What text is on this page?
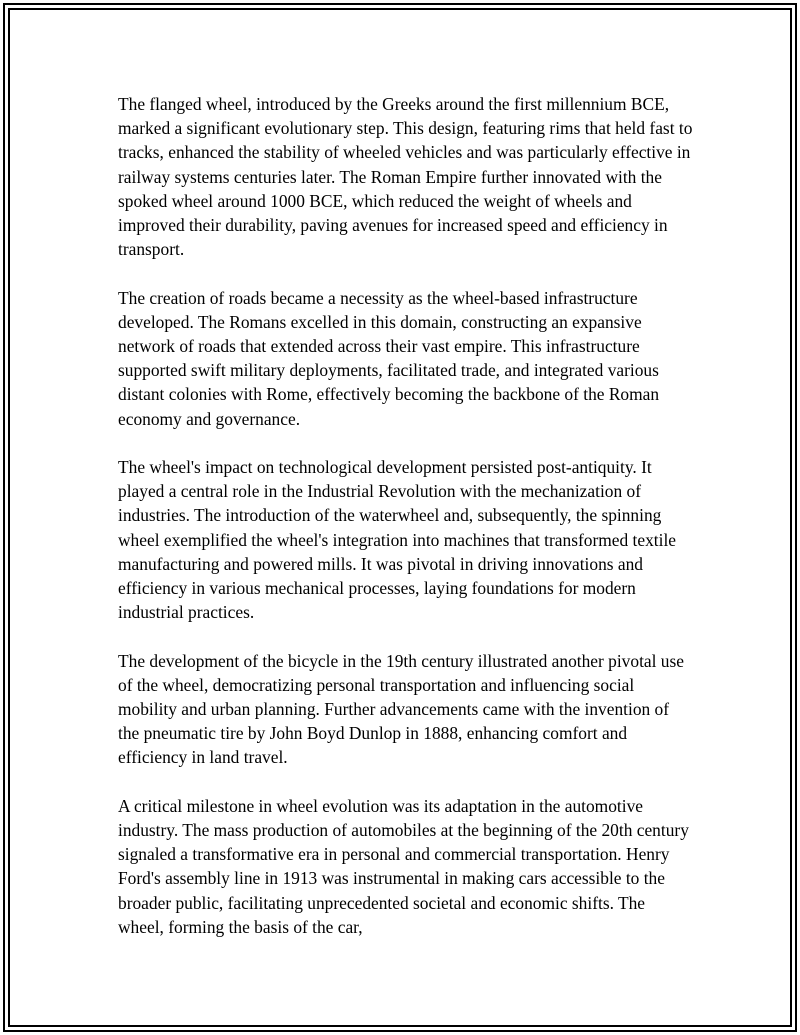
The flanged wheel, introduced by the Greeks around the first millennium BCE, marked a significant evolutionary step. This design, featuring rims that held fast to tracks, enhanced the stability of wheeled vehicles and was particularly effective in railway systems centuries later. The Roman Empire further innovated with the spoked wheel around 1000 BCE, which reduced the weight of wheels and improved their durability, paving avenues for increased speed and efficiency in transport.

The creation of roads became a necessity as the wheel-based infrastructure developed. The Romans excelled in this domain, constructing an expansive network of roads that extended across their vast empire. This infrastructure supported swift military deployments, facilitated trade, and integrated various distant colonies with Rome, effectively becoming the backbone of the Roman economy and governance.

The wheel's impact on technological development persisted post-antiquity. It played a central role in the Industrial Revolution with the mechanization of industries. The introduction of the waterwheel and, subsequently, the spinning wheel exemplified the wheel's integration into machines that transformed textile manufacturing and powered mills. It was pivotal in driving innovations and efficiency in various mechanical processes, laying foundations for modern industrial practices.

The development of the bicycle in the 19th century illustrated another pivotal use of the wheel, democratizing personal transportation and influencing social mobility and urban planning. Further advancements came with the invention of the pneumatic tire by John Boyd Dunlop in 1888, enhancing comfort and efficiency in land travel.

A critical milestone in wheel evolution was its adaptation in the automotive industry. The mass production of automobiles at the beginning of the 20th century signaled a transformative era in personal and commercial transportation. Henry Ford's assembly line in 1913 was instrumental in making cars accessible to the broader public, facilitating unprecedented societal and economic shifts. The wheel, forming the basis of the car,
